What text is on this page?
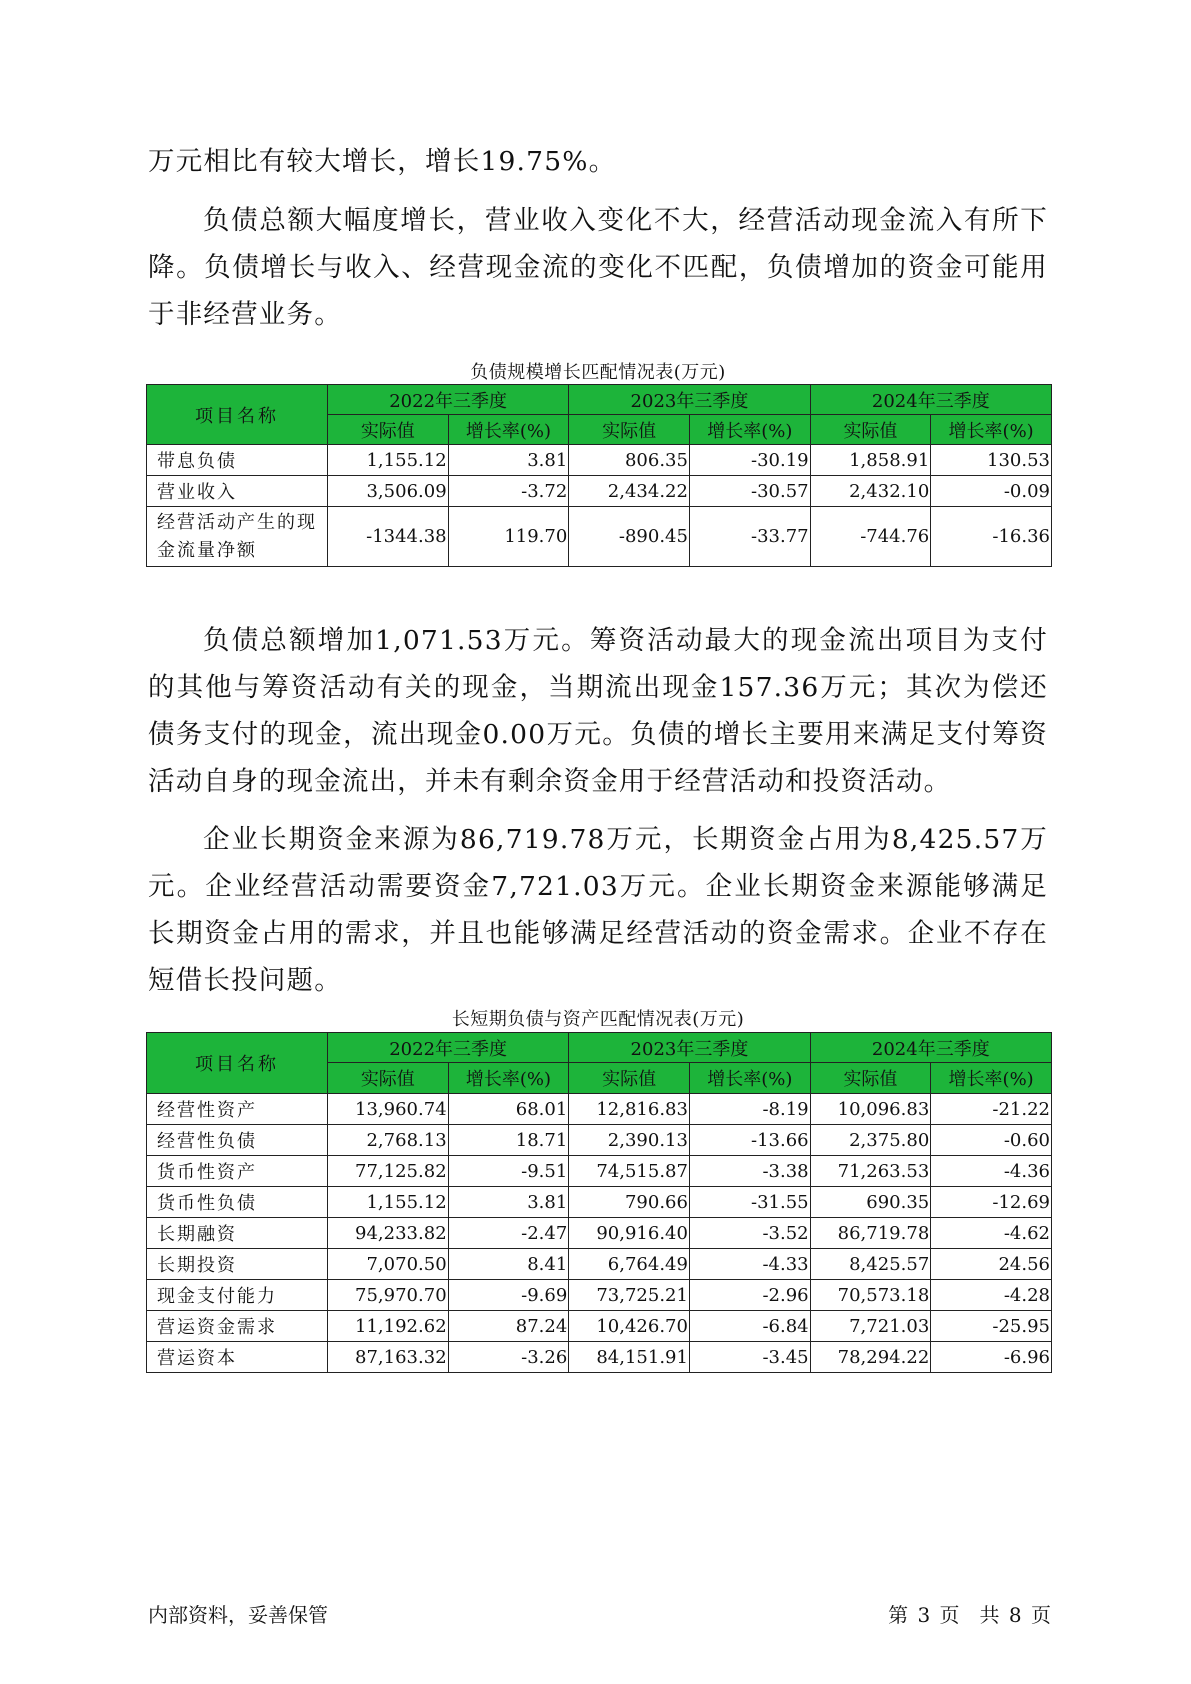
万元相比有较大增长，增长19.75%。

负债总额大幅度增长，营业收入变化不大，经营活动现金流入有所下降。负债增长与收入、经营现金流的变化不匹配，负债增加的资金可能用于非经营业务。

负债规模增长匹配情况表(万元)
项目名称	2022年三季度		2023年三季度		2024年三季度	
	实际值	增长率(%)	实际值	增长率(%)	实际值	增长率(%)
带息负债	1,155.12	3.81	806.35	-30.19	1,858.91	130.53
营业收入	3,506.09	-3.72	2,434.22	-30.57	2,432.10	-0.09
经营活动产生的现金流量净额	-1344.38	119.70	-890.45	-33.77	-744.76	-16.36

负债总额增加1,071.53万元。筹资活动最大的现金流出项目为支付的其他与筹资活动有关的现金，当期流出现金157.36万元；其次为偿还债务支付的现金，流出现金0.00万元。负债的增长主要用来满足支付筹资活动自身的现金流出，并未有剩余资金用于经营活动和投资活动。

企业长期资金来源为86,719.78万元，长期资金占用为8,425.57万元。企业经营活动需要资金7,721.03万元。企业长期资金来源能够满足长期资金占用的需求，并且也能够满足经营活动的资金需求。企业不存在短借长投问题。

长短期负债与资产匹配情况表(万元)
项目名称	2022年三季度		2023年三季度		2024年三季度	
	实际值	增长率(%)	实际值	增长率(%)	实际值	增长率(%)
经营性资产	13,960.74	68.01	12,816.83	-8.19	10,096.83	-21.22
经营性负债	2,768.13	18.71	2,390.13	-13.66	2,375.80	-0.60
货币性资产	77,125.82	-9.51	74,515.87	-3.38	71,263.53	-4.36
货币性负债	1,155.12	3.81	790.66	-31.55	690.35	-12.69
长期融资	94,233.82	-2.47	90,916.40	-3.52	86,719.78	-4.62
长期投资	7,070.50	8.41	6,764.49	-4.33	8,425.57	24.56
现金支付能力	75,970.70	-9.69	73,725.21	-2.96	70,573.18	-4.28
营运资金需求	11,192.62	87.24	10,426.70	-6.84	7,721.03	-25.95
营运资本	87,163.32	-3.26	84,151.91	-3.45	78,294.22	-6.96
内部资料，妥善保管	第 3 页　共 8 页
